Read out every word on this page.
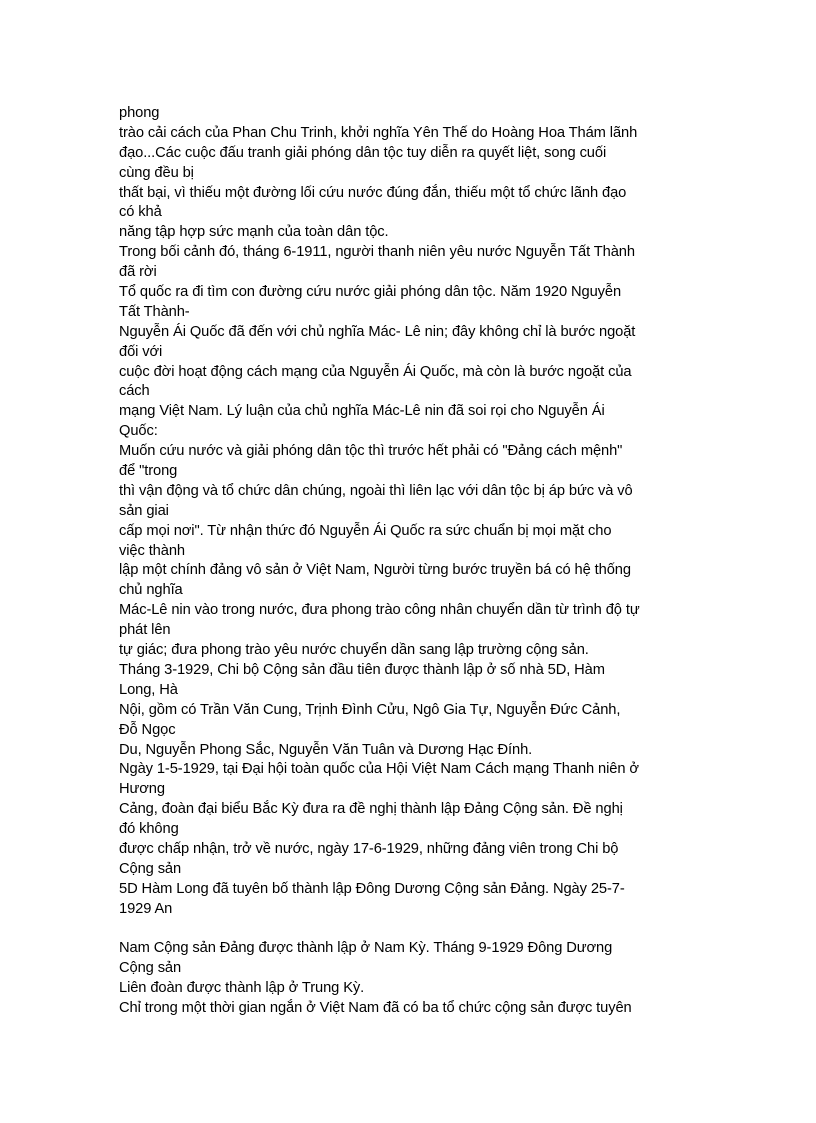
phong
trào cải cách của Phan Chu Trinh, khởi nghĩa Yên Thế do Hoàng Hoa Thám lãnh
đạo...Các cuộc đấu tranh giải phóng dân tộc tuy diễn ra quyết liệt, song cuối
cùng đều bị
thất bại, vì thiếu một đường lối cứu nước đúng đắn, thiếu một tổ chức lãnh đạo
có khả
năng tập hợp sức mạnh của toàn dân tộc.
Trong bối cảnh đó, tháng 6-1911, người thanh niên yêu nước Nguyễn Tất Thành
đã rời
Tổ quốc ra đi tìm con đường cứu nước giải phóng dân tộc. Năm 1920 Nguyễn
Tất Thành-
Nguyễn Ái Quốc đã đến với chủ nghĩa Mác- Lê nin; đây không chỉ là bước ngoặt
đối với
cuộc đời hoạt động cách mạng của Nguyễn Ái Quốc, mà còn là bước ngoặt của
cách
mạng Việt Nam. Lý luận của chủ nghĩa Mác-Lê nin đã soi rọi cho Nguyễn Ái
Quốc:
Muốn cứu nước và giải phóng dân tộc thì trước hết phải có "Đảng cách mệnh"
để "trong
thì vận động và tổ chức dân chúng, ngoài thì liên lạc với dân tộc bị áp bức và vô
sản giai
cấp mọi nơi". Từ nhận thức đó Nguyễn Ái Quốc ra sức chuẩn bị mọi mặt cho
việc thành
lập một chính đảng vô sản ở Việt Nam, Người từng bước truyền bá có hệ thống
chủ nghĩa
Mác-Lê nin vào trong nước, đưa phong trào công nhân chuyển dần từ trình độ tự
phát lên
tự giác; đưa phong trào yêu nước chuyển dần sang lập trường cộng sản.
Tháng 3-1929, Chi bộ Cộng sản đầu tiên được thành lập ở số nhà 5D, Hàm
Long, Hà
Nội, gồm có Trần Văn Cung, Trịnh Đình Cửu, Ngô Gia Tự, Nguyễn Đức Cảnh,
Đỗ Ngọc
Du, Nguyễn Phong Sắc, Nguyễn Văn Tuân và Dương Hạc Đính.
Ngày 1-5-1929, tại Đại hội toàn quốc của Hội Việt Nam Cách mạng Thanh niên ở
Hương
Cảng, đoàn đại biểu Bắc Kỳ đưa ra đề nghị thành lập Đảng Cộng sản. Đề nghị
đó không
được chấp nhận, trở về nước, ngày 17-6-1929, những đảng viên trong Chi bộ
Cộng sản
5D Hàm Long đã tuyên bố thành lập Đông Dương Cộng sản Đảng. Ngày 25-7-
1929 An
Nam Cộng sản Đảng được thành lập ở Nam Kỳ. Tháng 9-1929 Đông Dương
Cộng sản
Liên đoàn được thành lập ở Trung Kỳ.
Chỉ trong một thời gian ngắn ở Việt Nam đã có ba tổ chức cộng sản được tuyên
